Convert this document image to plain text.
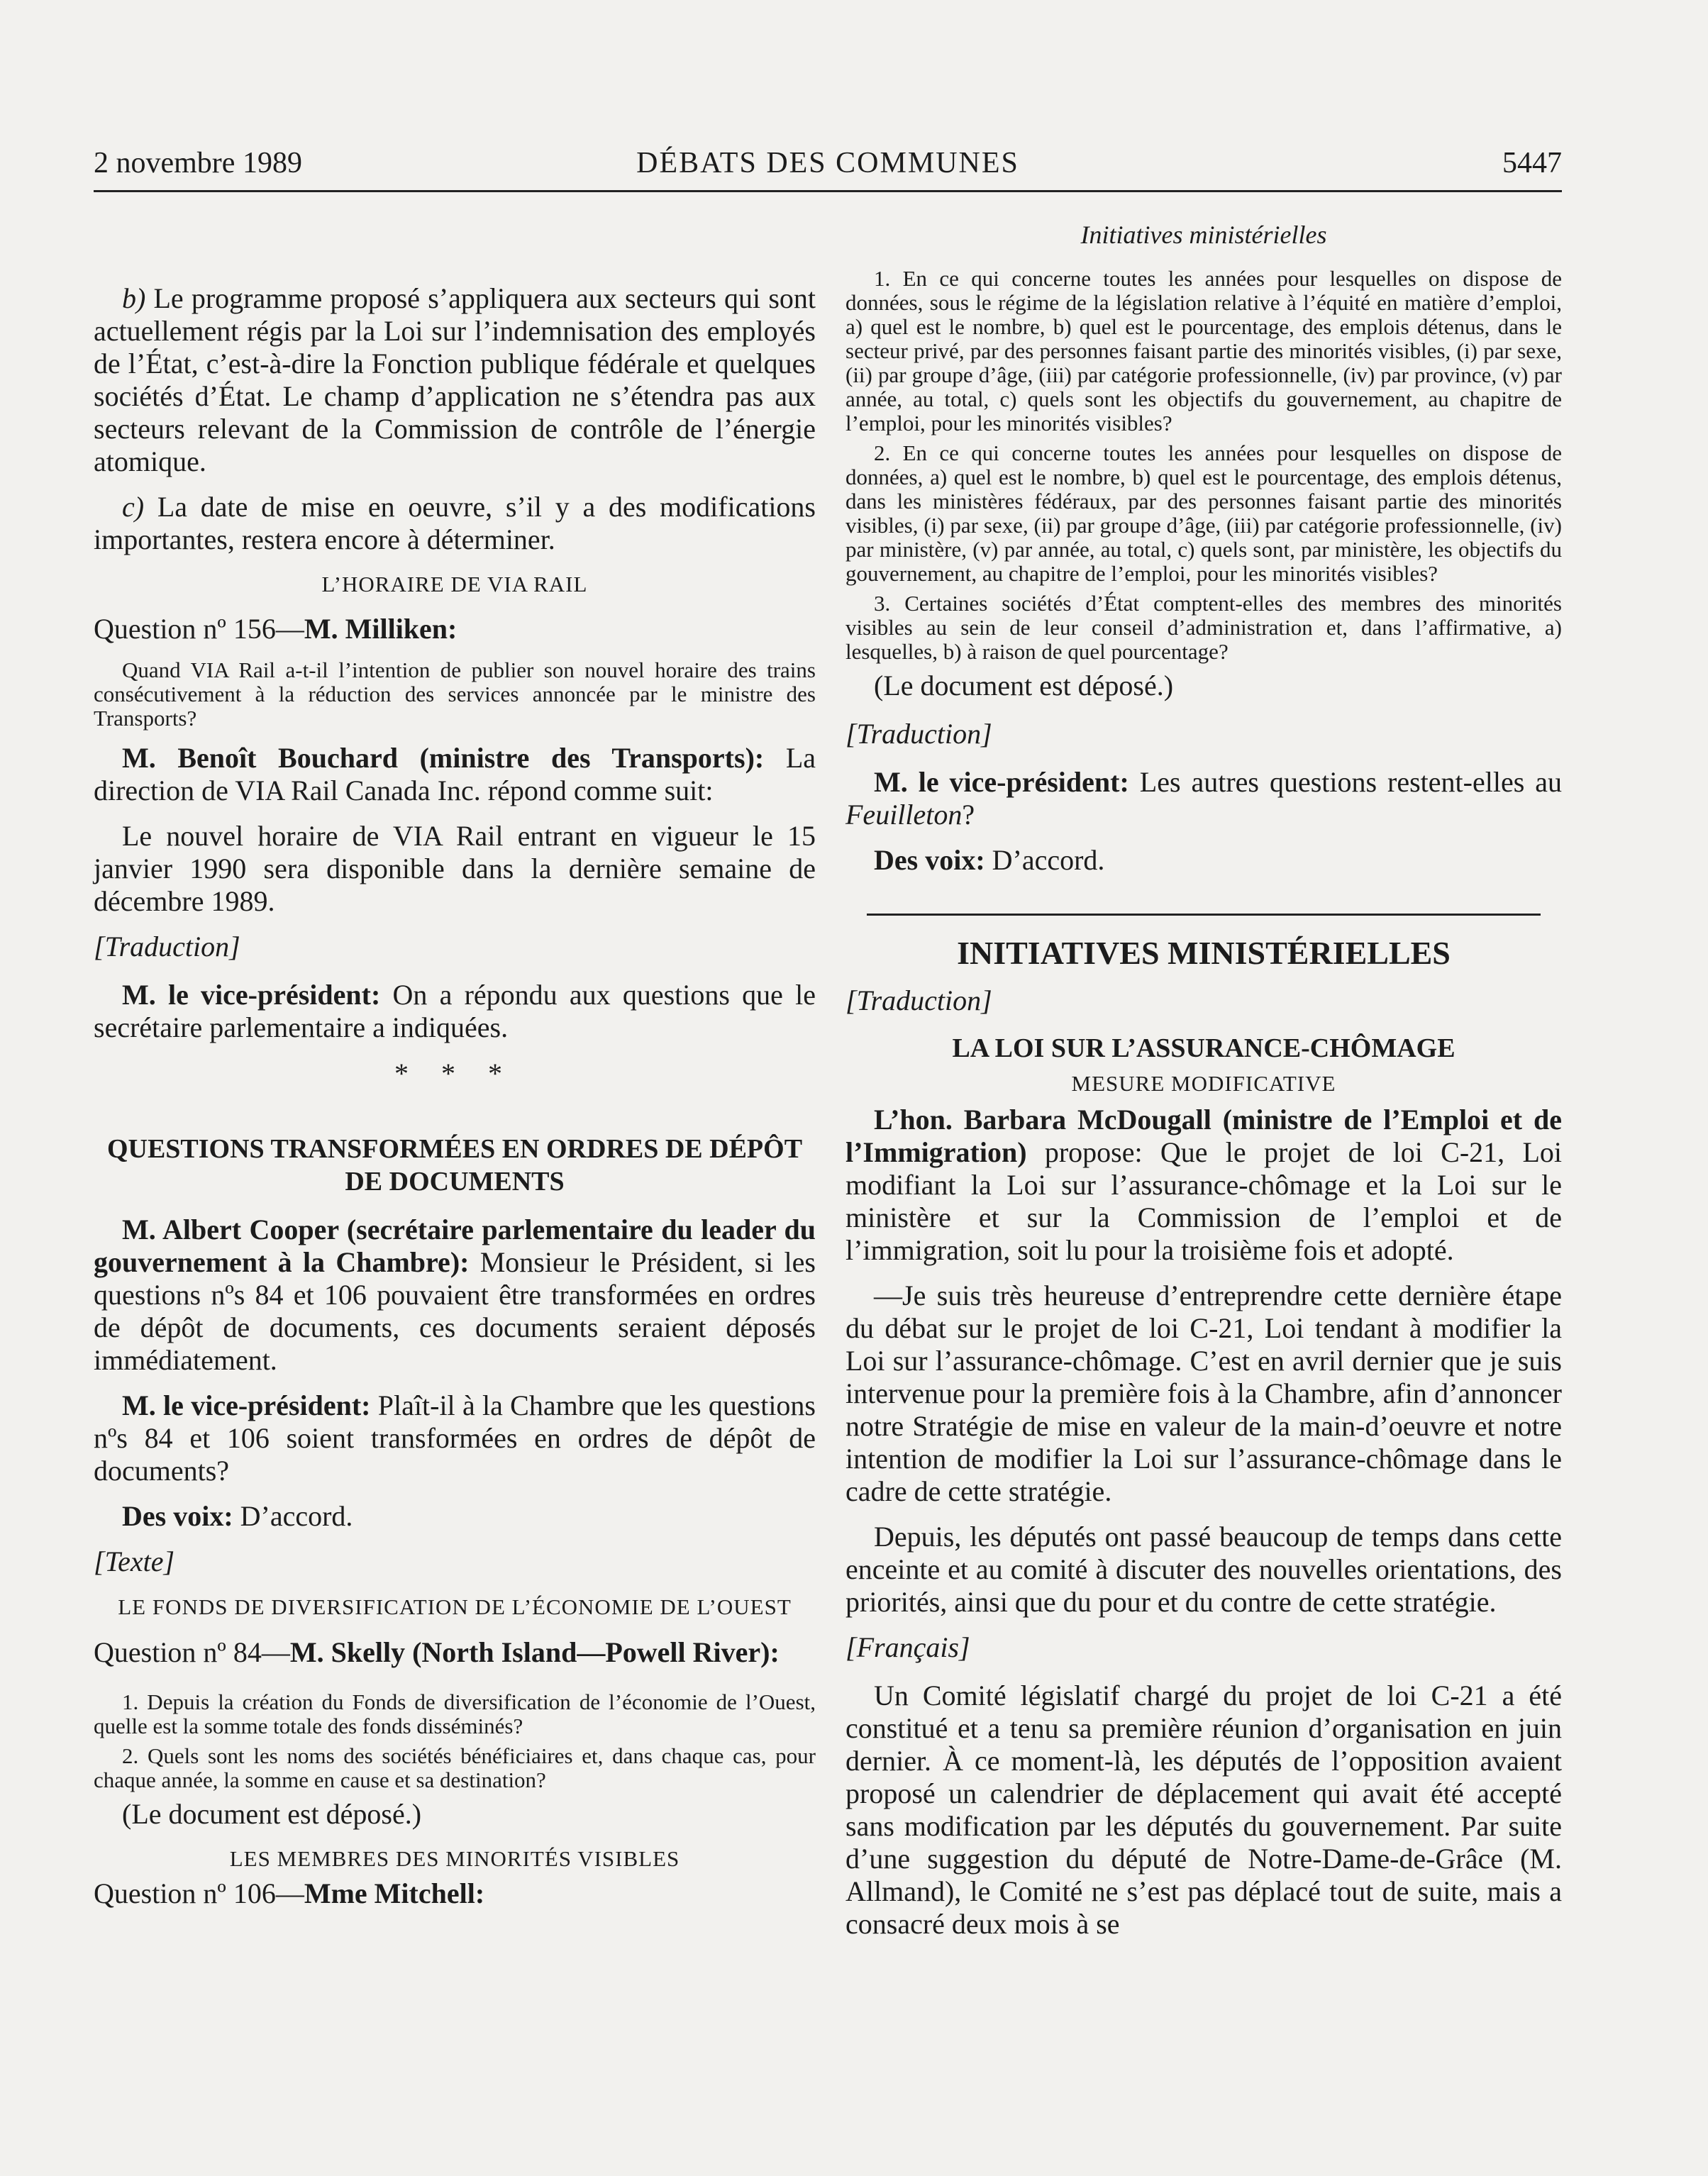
2 novembre 1989	DÉBATS DES COMMUNES	5447

b) Le programme proposé s’appliquera aux secteurs qui sont actuellement régis par la Loi sur l’indemnisation des employés de l’État, c’est-à-dire la Fonction publique fédérale et quelques sociétés d’État. Le champ d’application ne s’étendra pas aux secteurs relevant de la Commission de contrôle de l’énergie atomique.

c) La date de mise en oeuvre, s’il y a des modifications importantes, restera encore à déterminer.

L’HORAIRE DE VIA RAIL

Question nº 156—M. Milliken:

Quand VIA Rail a-t-il l’intention de publier son nouvel horaire des trains consécutivement à la réduction des services annoncée par le ministre des Transports?

M. Benoît Bouchard (ministre des Transports): La direction de VIA Rail Canada Inc. répond comme suit:

Le nouvel horaire de VIA Rail entrant en vigueur le 15 janvier 1990 sera disponible dans la dernière semaine de décembre 1989.

[Traduction]

M. le vice-président: On a répondu aux questions que le secrétaire parlementaire a indiquées.

* * *
QUESTIONS TRANSFORMÉES EN ORDRES DE DÉPÔT DE DOCUMENTS

M. Albert Cooper (secrétaire parlementaire du leader du gouvernement à la Chambre): Monsieur le Président, si les questions nºs 84 et 106 pouvaient être transformées en ordres de dépôt de documents, ces documents seraient déposés immédiatement.

M. le vice-président: Plaît-il à la Chambre que les questions nºs 84 et 106 soient transformées en ordres de dépôt de documents?

Des voix: D’accord.

[Texte]

LE FONDS DE DIVERSIFICATION DE L’ÉCONOMIE DE L’OUEST

Question nº 84—M. Skelly (North Island—Powell River):

1. Depuis la création du Fonds de diversification de l’économie de l’Ouest, quelle est la somme totale des fonds disséminés?

2. Quels sont les noms des sociétés bénéficiaires et, dans chaque cas, pour chaque année, la somme en cause et sa destination?

(Le document est déposé.)

LES MEMBRES DES MINORITÉS VISIBLES

Question nº 106—Mme Mitchell:

Initiatives ministérielles

1. En ce qui concerne toutes les années pour lesquelles on dispose de données, sous le régime de la législation relative à l’équité en matière d’emploi, a) quel est le nombre, b) quel est le pourcentage, des emplois détenus, dans le secteur privé, par des personnes faisant partie des minorités visibles, (i) par sexe, (ii) par groupe d’âge, (iii) par catégorie professionnelle, (iv) par province, (v) par année, au total, c) quels sont les objectifs du gouvernement, au chapitre de l’emploi, pour les minorités visibles?

2. En ce qui concerne toutes les années pour lesquelles on dispose de données, a) quel est le nombre, b) quel est le pourcentage, des emplois détenus, dans les ministères fédéraux, par des personnes faisant partie des minorités visibles, (i) par sexe, (ii) par groupe d’âge, (iii) par catégorie professionnelle, (iv) par ministère, (v) par année, au total, c) quels sont, par ministère, les objectifs du gouvernement, au chapitre de l’emploi, pour les minorités visibles?

3. Certaines sociétés d’État comptent-elles des membres des minorités visibles au sein de leur conseil d’administration et, dans l’affirmative, a) lesquelles, b) à raison de quel pourcentage?

(Le document est déposé.)

[Traduction]

M. le vice-président: Les autres questions restent-elles au Feuilleton?

Des voix: D’accord.

INITIATIVES MINISTÉRIELLES

[Traduction]

LA LOI SUR L’ASSURANCE-CHÔMAGE
MESURE MODIFICATIVE

L’hon. Barbara McDougall (ministre de l’Emploi et de l’Immigration) propose: Que le projet de loi C-21, Loi modifiant la Loi sur l’assurance-chômage et la Loi sur le ministère et sur la Commission de l’emploi et de l’immigration, soit lu pour la troisième fois et adopté.

—Je suis très heureuse d’entreprendre cette dernière étape du débat sur le projet de loi C-21, Loi tendant à modifier la Loi sur l’assurance-chômage. C’est en avril dernier que je suis intervenue pour la première fois à la Chambre, afin d’annoncer notre Stratégie de mise en valeur de la main-d’oeuvre et notre intention de modifier la Loi sur l’assurance-chômage dans le cadre de cette stratégie.

Depuis, les députés ont passé beaucoup de temps dans cette enceinte et au comité à discuter des nouvelles orientations, des priorités, ainsi que du pour et du contre de cette stratégie.

[Français]

Un Comité législatif chargé du projet de loi C-21 a été constitué et a tenu sa première réunion d’organisation en juin dernier. À ce moment-là, les députés de l’opposition avaient proposé un calendrier de déplacement qui avait été accepté sans modification par les députés du gouvernement. Par suite d’une suggestion du député de Notre-Dame-de-Grâce (M. Allmand), le Comité ne s’est pas déplacé tout de suite, mais a consacré deux mois à se
